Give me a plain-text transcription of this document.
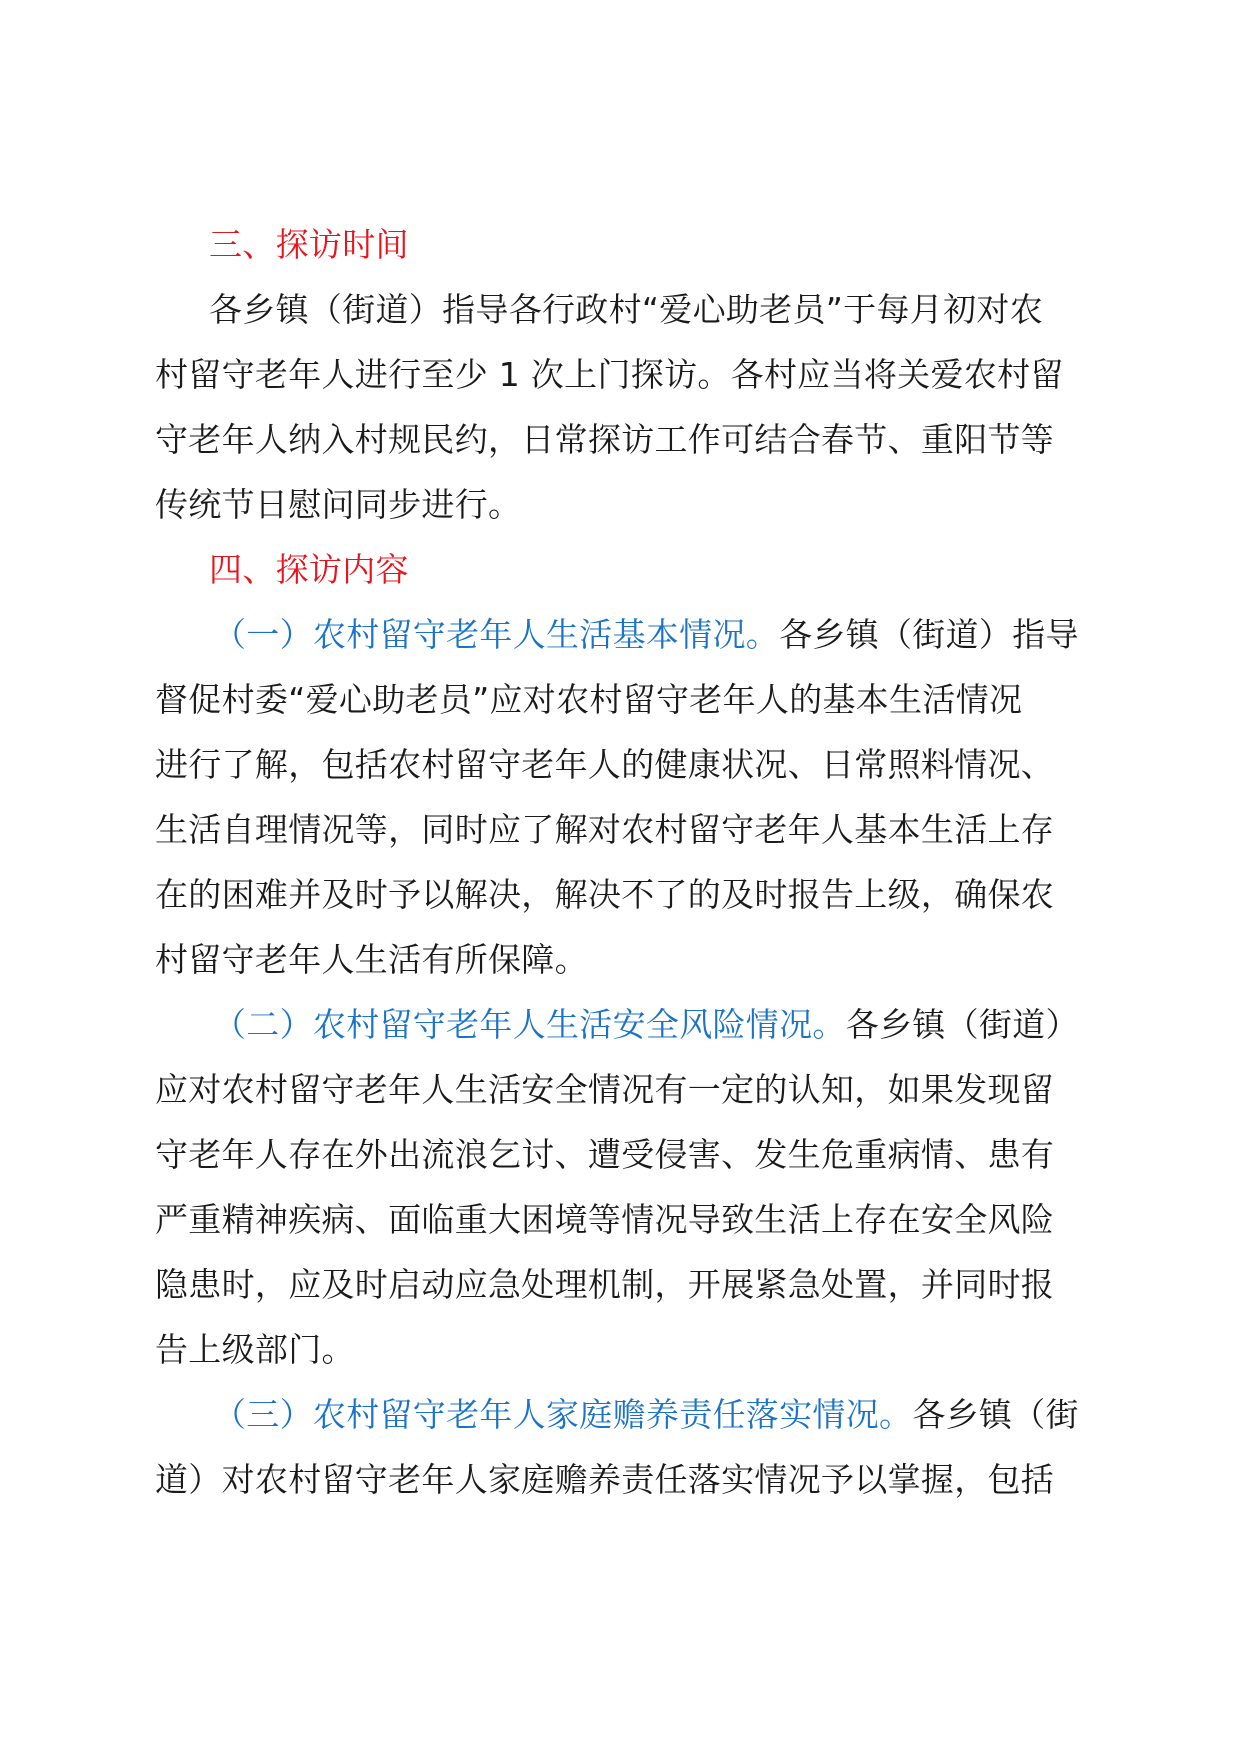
三、探访时间
各乡镇（街道）指导各行政村“爱心助老员”于每月初对农
村留守老年人进行至少 1 次上门探访。各村应当将关爱农村留
守老年人纳入村规民约，日常探访工作可结合春节、重阳节等
传统节日慰问同步进行。
四、探访内容
（一）农村留守老年人生活基本情况。各乡镇（街道）指导
督促村委“爱心助老员”应对农村留守老年人的基本生活情况
进行了解，包括农村留守老年人的健康状况、日常照料情况、
生活自理情况等，同时应了解对农村留守老年人基本生活上存
在的困难并及时予以解决，解决不了的及时报告上级，确保农
村留守老年人生活有所保障。
（二）农村留守老年人生活安全风险情况。各乡镇（街道）
应对农村留守老年人生活安全情况有一定的认知，如果发现留
守老年人存在外出流浪乞讨、遭受侵害、发生危重病情、患有
严重精神疾病、面临重大困境等情况导致生活上存在安全风险
隐患时，应及时启动应急处理机制，开展紧急处置，并同时报
告上级部门。
（三）农村留守老年人家庭赡养责任落实情况。各乡镇（街
道）对农村留守老年人家庭赡养责任落实情况予以掌握，包括
